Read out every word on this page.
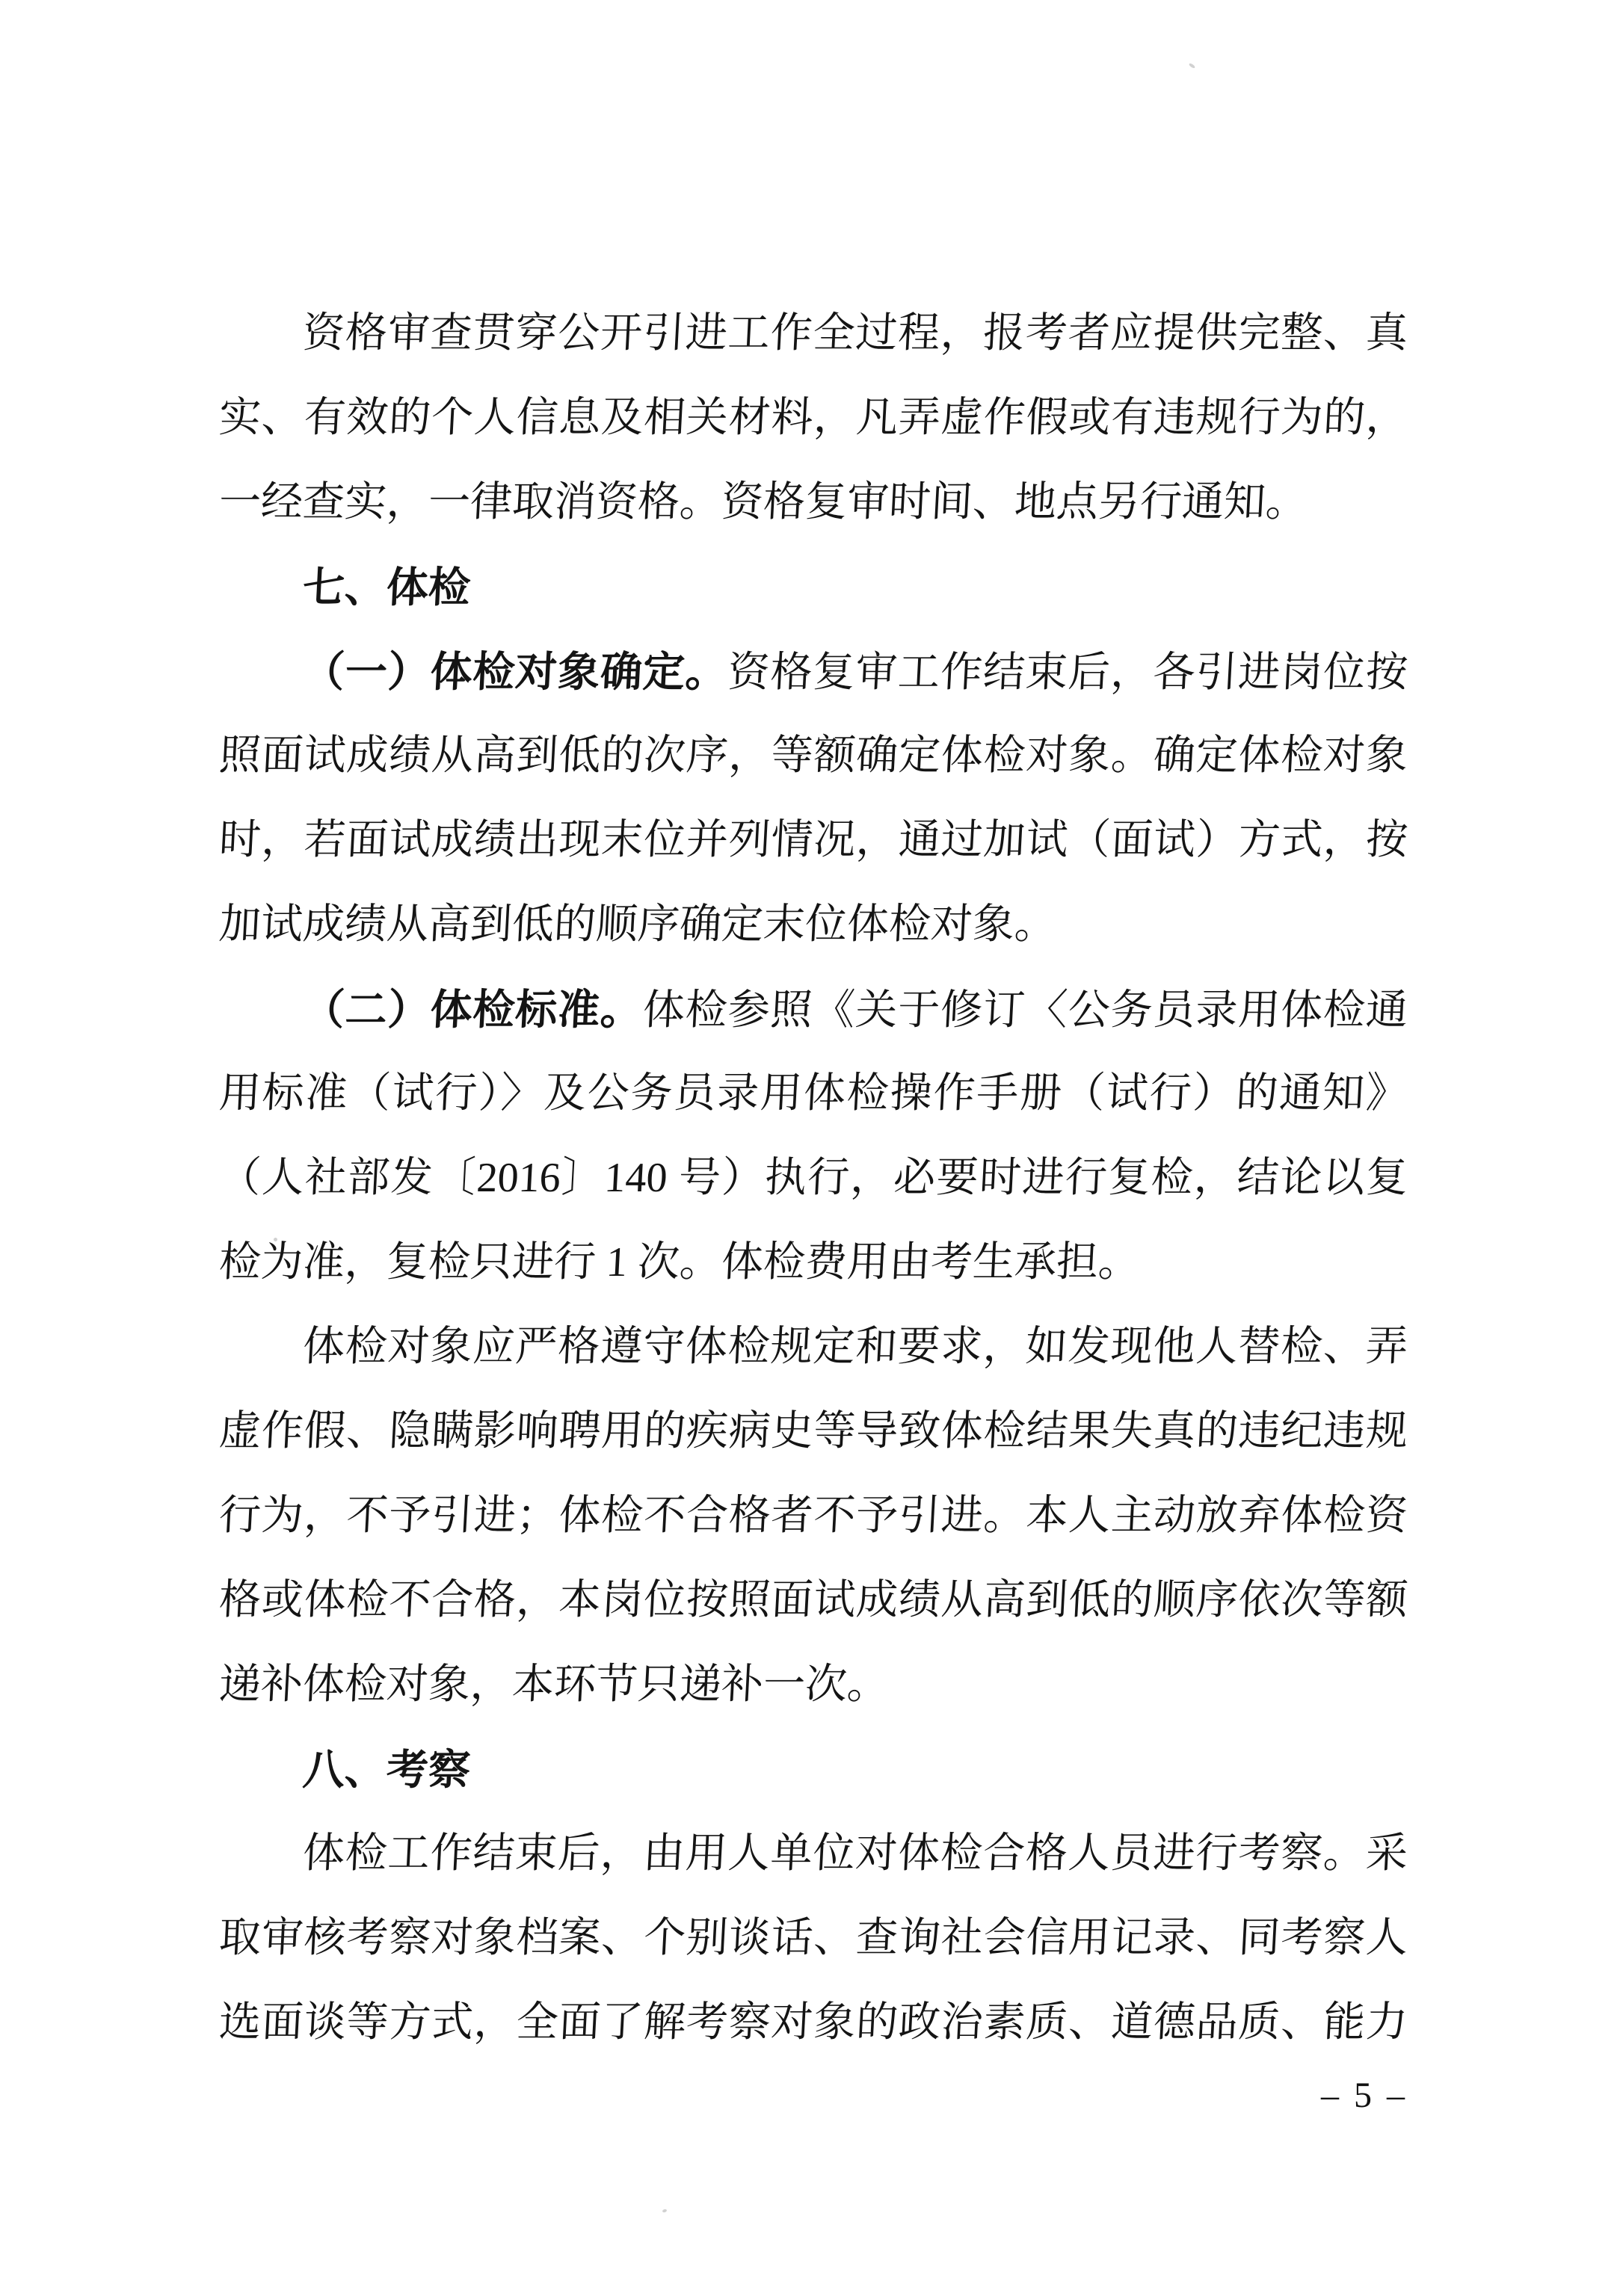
资格审查贯穿公开引进工作全过程，报考者应提供完整、真
实、有效的个人信息及相关材料，凡弄虚作假或有违规行为的，
一经查实，一律取消资格。资格复审时间、地点另行通知。
七、体检
（一）体检对象确定。资格复审工作结束后，各引进岗位按
照面试成绩从高到低的次序，等额确定体检对象。确定体检对象
时，若面试成绩出现末位并列情况，通过加试（面试）方式，按
加试成绩从高到低的顺序确定末位体检对象。
（二）体检标准。体检参照《关于修订〈公务员录用体检通
用标准（试行）〉及公务员录用体检操作手册（试行）的通知》
（人社部发〔2016〕140 号）执行，必要时进行复检，结论以复
检为准，复检只进行 1 次。体检费用由考生承担。
体检对象应严格遵守体检规定和要求，如发现他人替检、弄
虚作假、隐瞒影响聘用的疾病史等导致体检结果失真的违纪违规
行为，不予引进；体检不合格者不予引进。本人主动放弃体检资
格或体检不合格，本岗位按照面试成绩从高到低的顺序依次等额
递补体检对象，本环节只递补一次。
八、考察
体检工作结束后，由用人单位对体检合格人员进行考察。采
取审核考察对象档案、个别谈话、查询社会信用记录、同考察人
选面谈等方式，全面了解考察对象的政治素质、道德品质、能力
– 5 –
